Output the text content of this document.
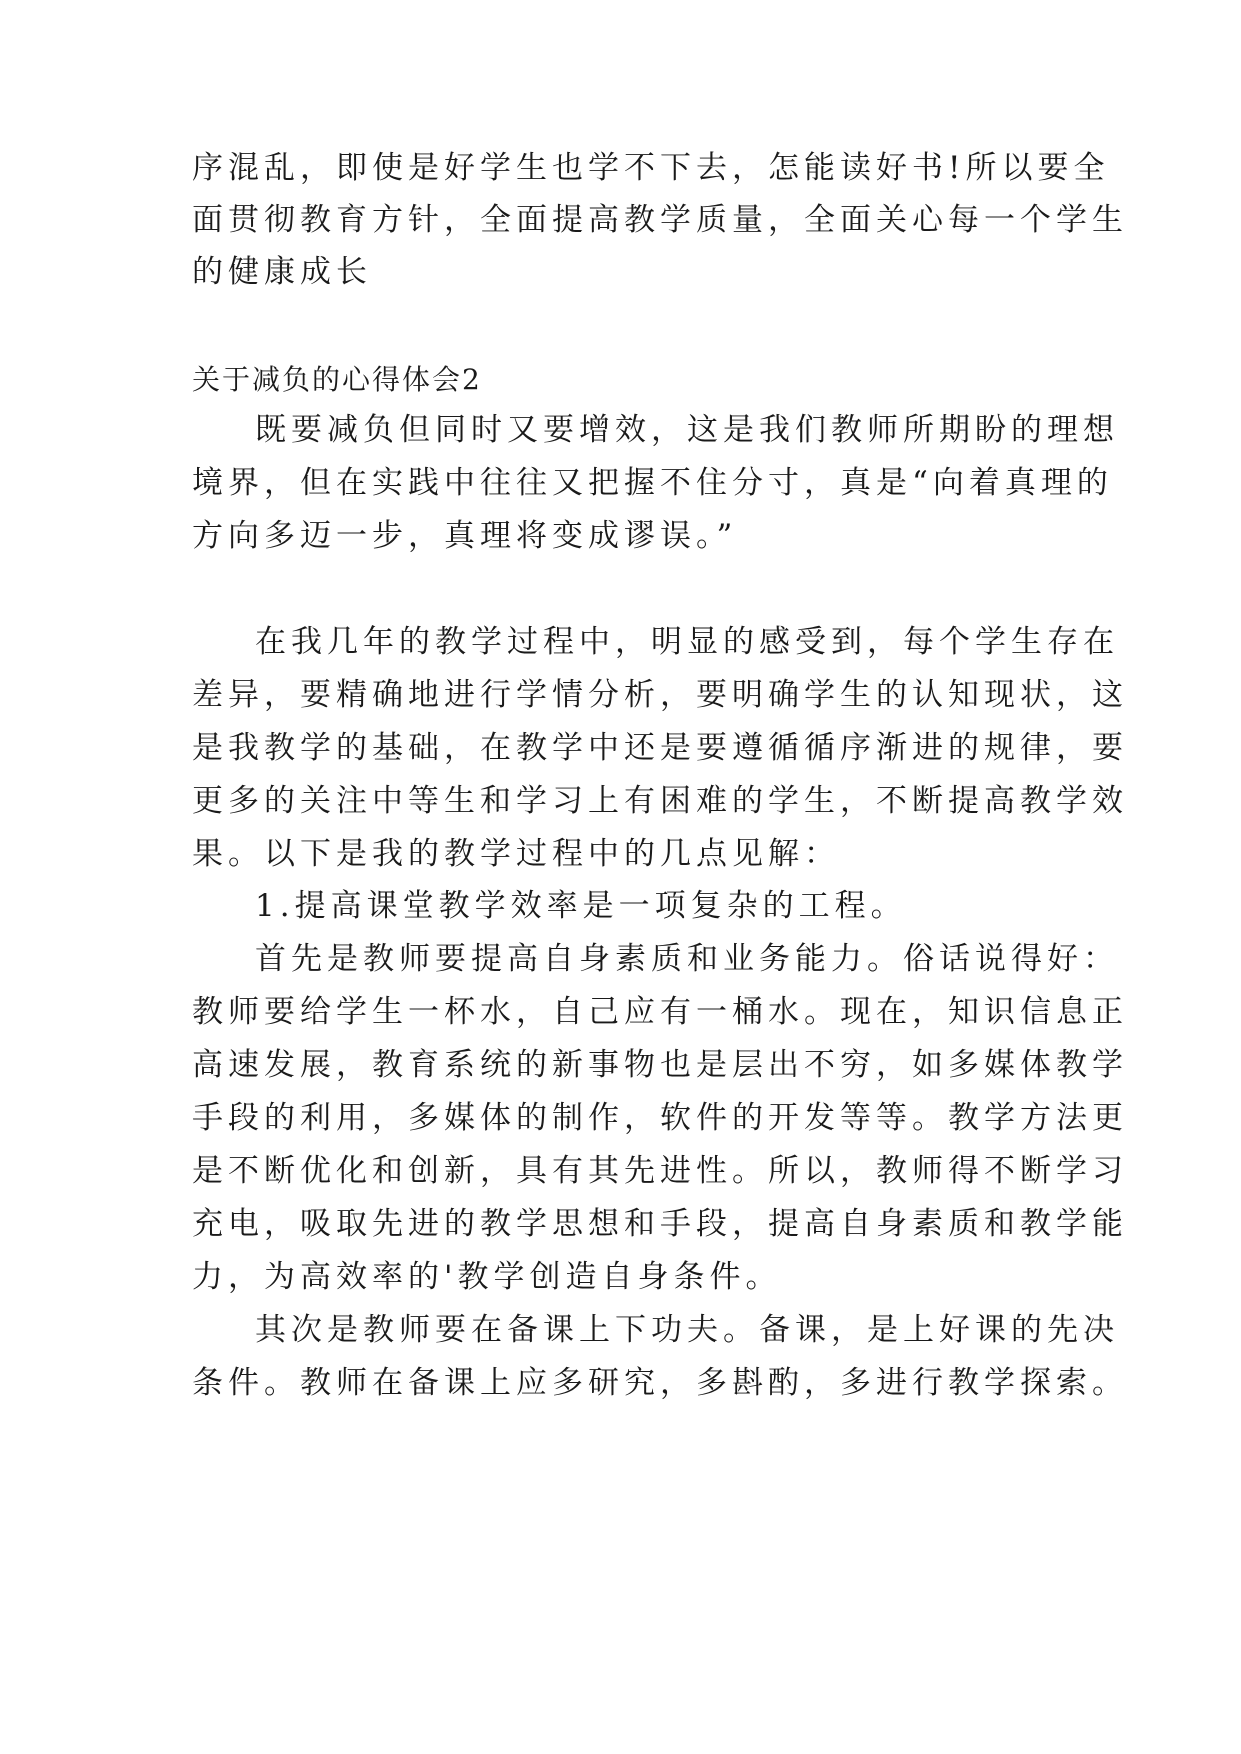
序混乱，即使是好学生也学不下去，怎能读好书!所以要全
面贯彻教育方针，全面提高教学质量，全面关心每一个学生
的健康成长
关于减负的心得体会2
既要减负但同时又要增效，这是我们教师所期盼的理想
境界，但在实践中往往又把握不住分寸，真是“向着真理的
方向多迈一步，真理将变成谬误。”
在我几年的教学过程中，明显的感受到，每个学生存在
差异，要精确地进行学情分析，要明确学生的认知现状，这
是我教学的基础，在教学中还是要遵循循序渐进的规律，要
更多的关注中等生和学习上有困难的学生，不断提高教学效
果。以下是我的教学过程中的几点见解：
1.提高课堂教学效率是一项复杂的工程。
首先是教师要提高自身素质和业务能力。俗话说得好：
教师要给学生一杯水，自己应有一桶水。现在，知识信息正
高速发展，教育系统的新事物也是层出不穷，如多媒体教学
手段的利用，多媒体的制作，软件的开发等等。教学方法更
是不断优化和创新，具有其先进性。所以，教师得不断学习
充电，吸取先进的教学思想和手段，提高自身素质和教学能
力，为高效率的'教学创造自身条件。
其次是教师要在备课上下功夫。备课，是上好课的先决
条件。教师在备课上应多研究，多斟酌，多进行教学探索。
